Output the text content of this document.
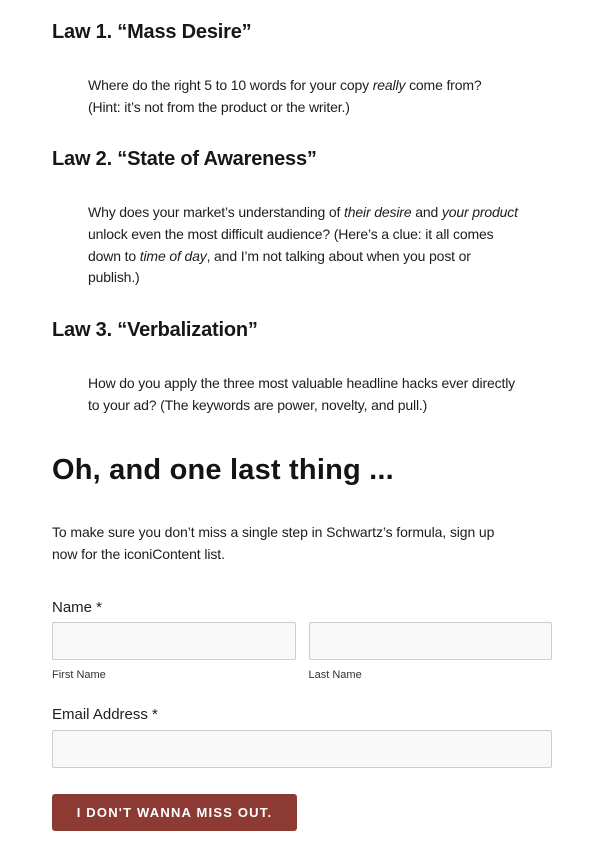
Law 1. “Mass Desire”

Where do the right 5 to 10 words for your copy really come from?
(Hint: it’s not from the product or the writer.)

Law 2. “State of Awareness”

Why does your market’s understanding of their desire and your product
unlock even the most difficult audience? (Here’s a clue: it all comes
down to time of day, and I’m not talking about when you post or
publish.)

Law 3. “Verbalization”

How do you apply the three most valuable headline hacks ever directly
to your ad? (The keywords are power, novelty, and pull.)

Oh, and one last thing ...

To make sure you don’t miss a single step in Schwartz’s formula, sign up
now for the iconiContent list.

Name *
First Name	Last Name
Email Address *
I DON'T WANNA MISS OUT.
